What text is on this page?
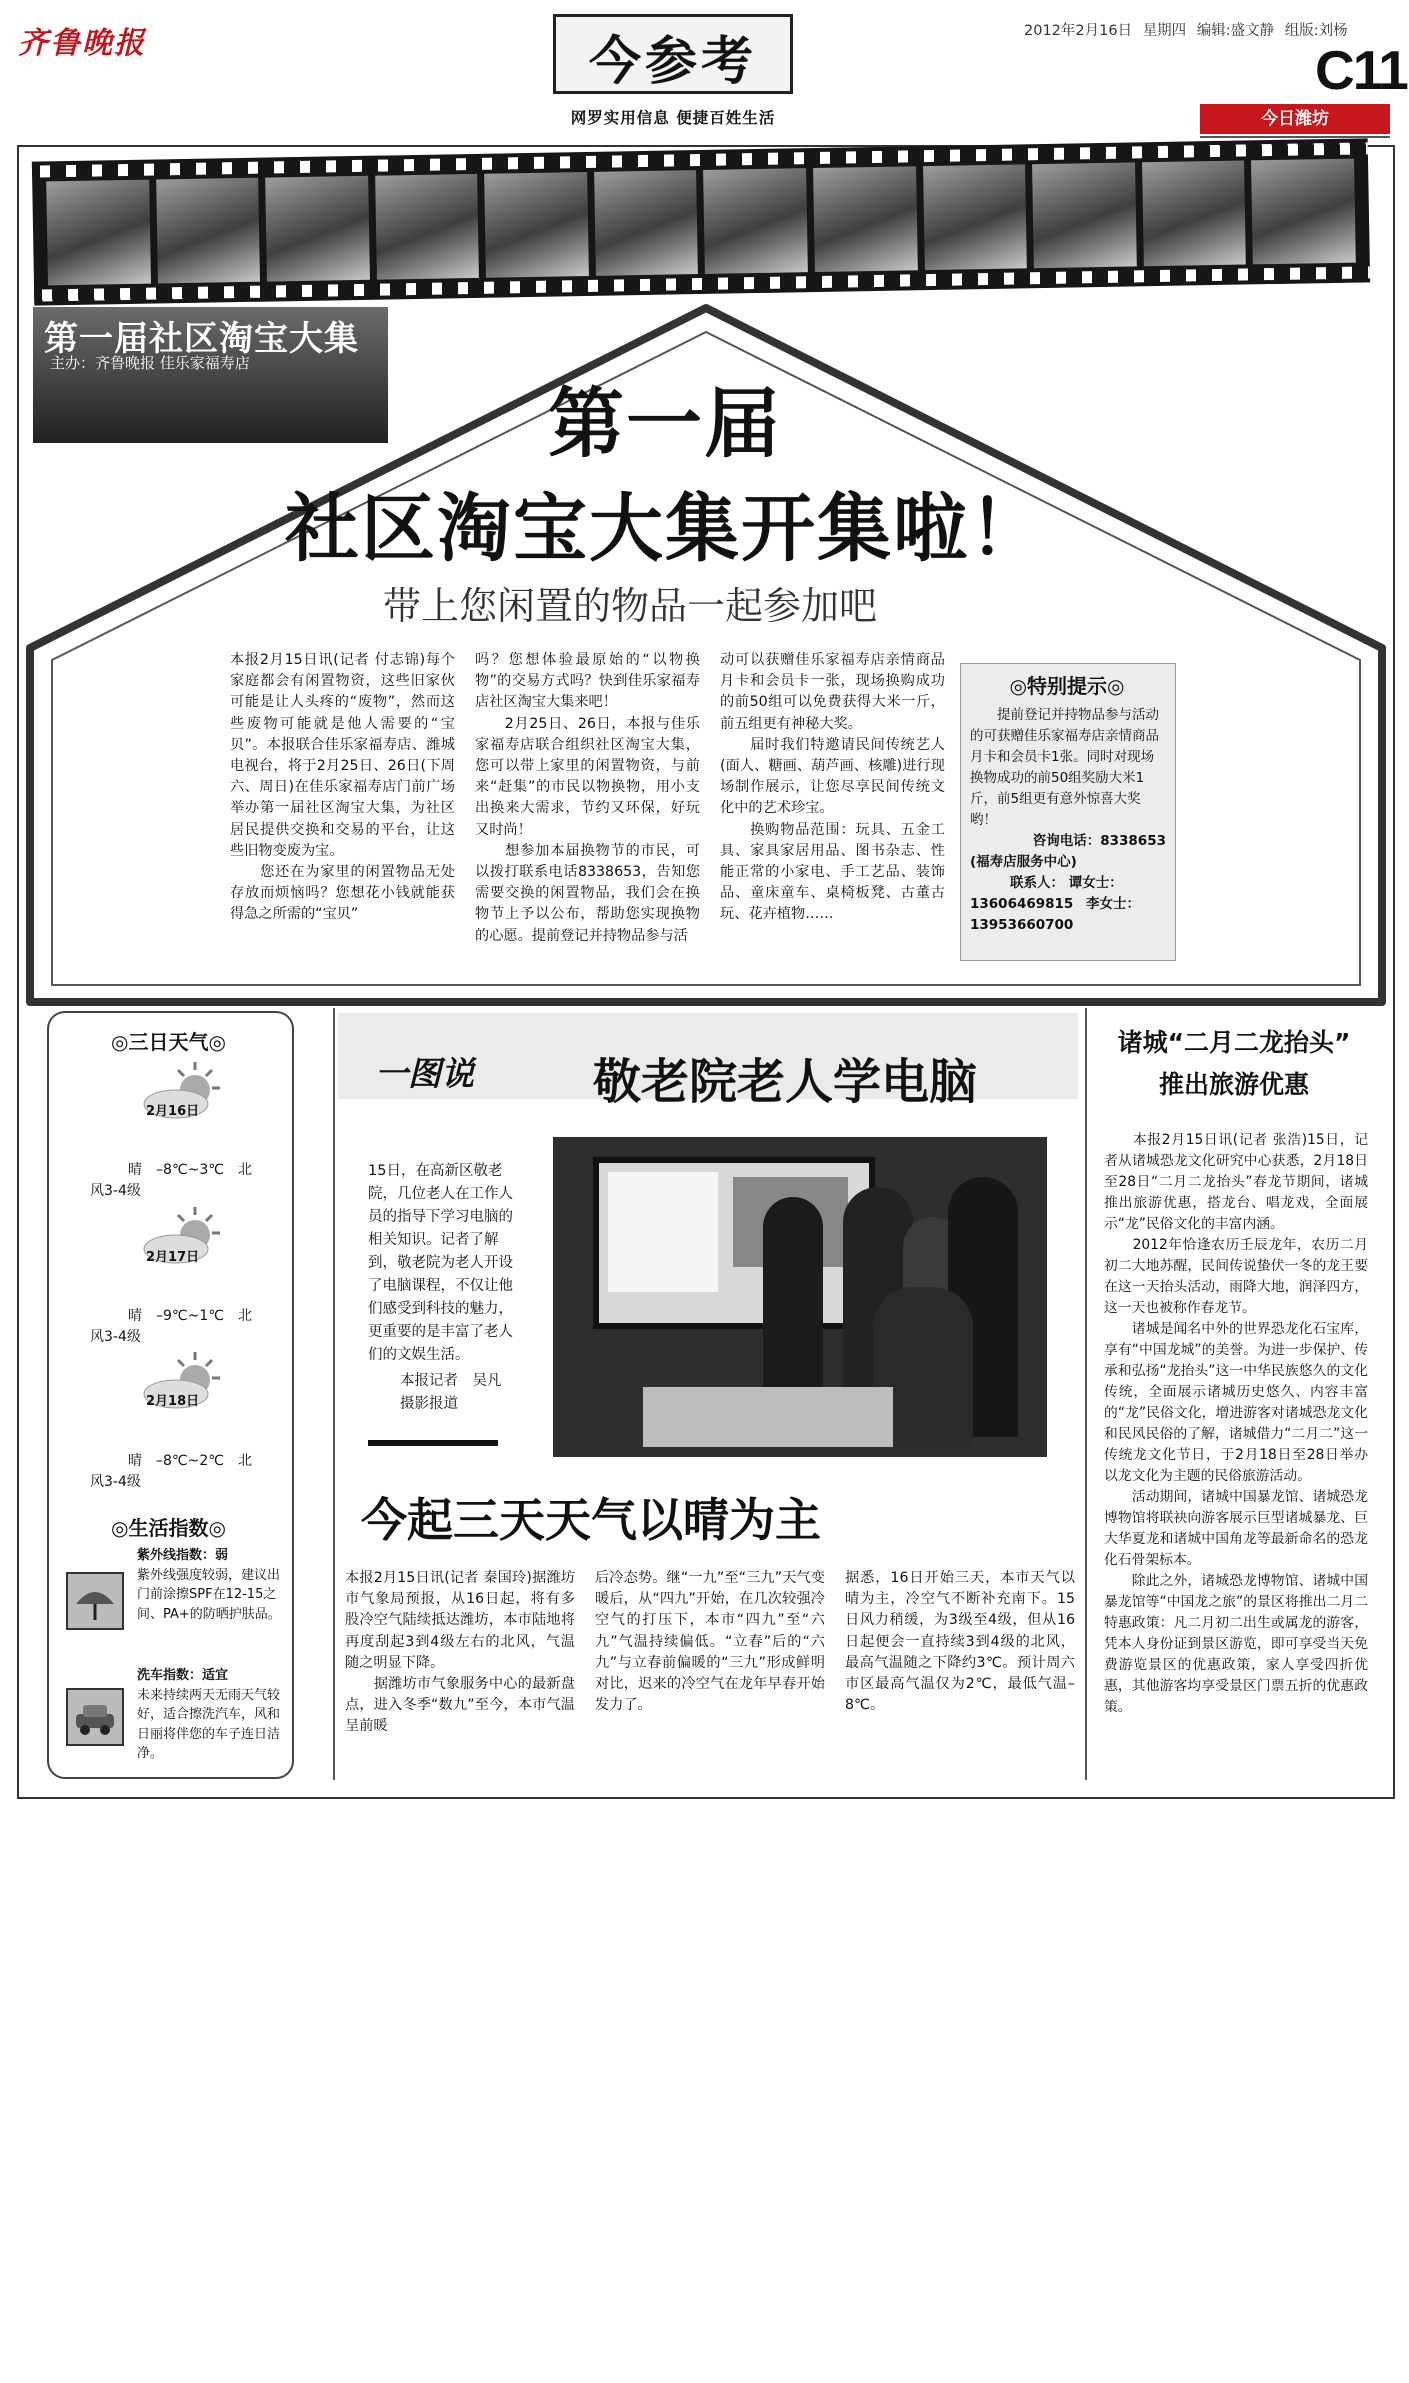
齐鲁晚报	今参考
网罗实用信息 便捷百姓生活
2012年2月16日 星期四 编辑:盛文静 组版:刘杨
C11
今日潍坊
第一届社区淘宝大集
主办：齐鲁晚报 佳乐家福寿店
第一届
社区淘宝大集开集啦！
带上您闲置的物品一起参加吧
本报2月15日讯(记者 付志锦)每个家庭都会有闲置物资，这些旧家伙可能是让人头疼的“废物”，然而这些废物可能就是他人需要的“宝贝”。本报联合佳乐家福寿店、潍城电视台，将于2月25日、26日(下周六、周日)在佳乐家福寿店门前广场举办第一届社区淘宝大集，为社区居民提供交换和交易的平台，让这些旧物变废为宝。
　　您还在为家里的闲置物品无处存放而烦恼吗？您想花小钱就能获得急之所需的“宝贝”
吗？您想体验最原始的“以物换物”的交易方式吗？快到佳乐家福寿店社区淘宝大集来吧！
　　2月25日、26日，本报与佳乐家福寿店联合组织社区淘宝大集，您可以带上家里的闲置物资，与前来“赶集”的市民以物换物，用小支出换来大需求，节约又环保，好玩又时尚！
　　想参加本届换物节的市民，可以拨打联系电话8338653，告知您需要交换的闲置物品，我们会在换物节上予以公布，帮助您实现换物的心愿。提前登记并持物品参与活
动可以获赠佳乐家福寿店亲情商品月卡和会员卡一张，现场换购成功的前50组可以免费获得大米一斤，前五组更有神秘大奖。
　　届时我们特邀请民间传统艺人(面人、糖画、葫芦画、核雕)进行现场制作展示，让您尽享民间传统文化中的艺术珍宝。
　　换购物品范围：玩具、五金工具、家具家居用品、图书杂志、性能正常的小家电、手工艺品、装饰品、童床童车、桌椅板凳、古董古玩、花卉植物……
◎特别提示◎
　　提前登记并持物品参与活动的可获赠佳乐家福寿店亲情商品月卡和会员卡1张。同时对现场换物成功的前50组奖励大米1斤，前5组更有意外惊喜大奖哟！
咨询电话：8338653
(福寿店服务中心)
联系人： 谭女士：
13606469815 李女士：
13953660700
◎三日天气◎
2月16日
晴　–8℃~3℃　北
风3-4级
2月17日
晴　–9℃~1℃　北
风3-4级
2月18日
晴　–8℃~2℃　北
风3-4级
◎生活指数◎
紫外线指数：弱
紫外线强度较弱，建议出门前涂擦SPF在12-15之间、PA+的防晒护肤品。
洗车指数：适宜
未来持续两天无雨天气较好，适合擦洗汽车，风和日丽将伴您的车子连日洁净。
一图说 敬老院老人学电脑
15日，在高新区敬老院，几位老人在工作人员的指导下学习电脑的相关知识。记者了解到，敬老院为老人开设了电脑课程，不仅让他们感受到科技的魅力，更重要的是丰富了老人们的文娱生活。
本报记者　吴凡
摄影报道
今起三天天气以晴为主
本报2月15日讯(记者 秦国玲)据潍坊市气象局预报，从16日起，将有多股冷空气陆续抵达潍坊，本市陆地将再度刮起3到4级左右的北风，气温随之明显下降。
　　据潍坊市气象服务中心的最新盘点，进入冬季“数九”至今，本市气温呈前暖
后冷态势。继“一九”至“三九”天气变暖后，从“四九”开始，在几次较强冷空气的打压下，本市“四九”至“六九”气温持续偏低。“立春”后的“六九”与立春前偏暖的“三九”形成鲜明对比，迟来的冷空气在龙年早春开始发力了。
据悉，16日开始三天，本市天气以晴为主，冷空气不断补充南下。15日风力稍缓，为3级至4级，但从16日起便会一直持续3到4级的北风，最高气温随之下降约3℃。预计周六市区最高气温仅为2℃，最低气温–8℃。
诸城“二月二龙抬头”
推出旅游优惠
　　本报2月15日讯(记者 张浩)15日，记者从诸城恐龙文化研究中心获悉，2月18日至28日“二月二龙抬头”春龙节期间，诸城推出旅游优惠，搭龙台、唱龙戏，全面展示“龙”民俗文化的丰富内涵。
　　2012年恰逢农历壬辰龙年，农历二月初二大地苏醒，民间传说蛰伏一冬的龙王要在这一天抬头活动，雨降大地，润泽四方，这一天也被称作春龙节。
　　诸城是闻名中外的世界恐龙化石宝库，享有“中国龙城”的美誉。为进一步保护、传承和弘扬“龙抬头”这一中华民族悠久的文化传统，全面展示诸城历史悠久、内容丰富的“龙”民俗文化，增进游客对诸城恐龙文化和民风民俗的了解，诸城借力“二月二”这一传统龙文化节日，于2月18日至28日举办以龙文化为主题的民俗旅游活动。
　　活动期间，诸城中国暴龙馆、诸城恐龙博物馆将联袂向游客展示巨型诸城暴龙、巨大华夏龙和诸城中国角龙等最新命名的恐龙化石骨架标本。
　　除此之外，诸城恐龙博物馆、诸城中国暴龙馆等“中国龙之旅”的景区将推出二月二特惠政策：凡二月初二出生或属龙的游客，凭本人身份证到景区游览，即可享受当天免费游览景区的优惠政策，家人享受四折优惠，其他游客均享受景区门票五折的优惠政策。
